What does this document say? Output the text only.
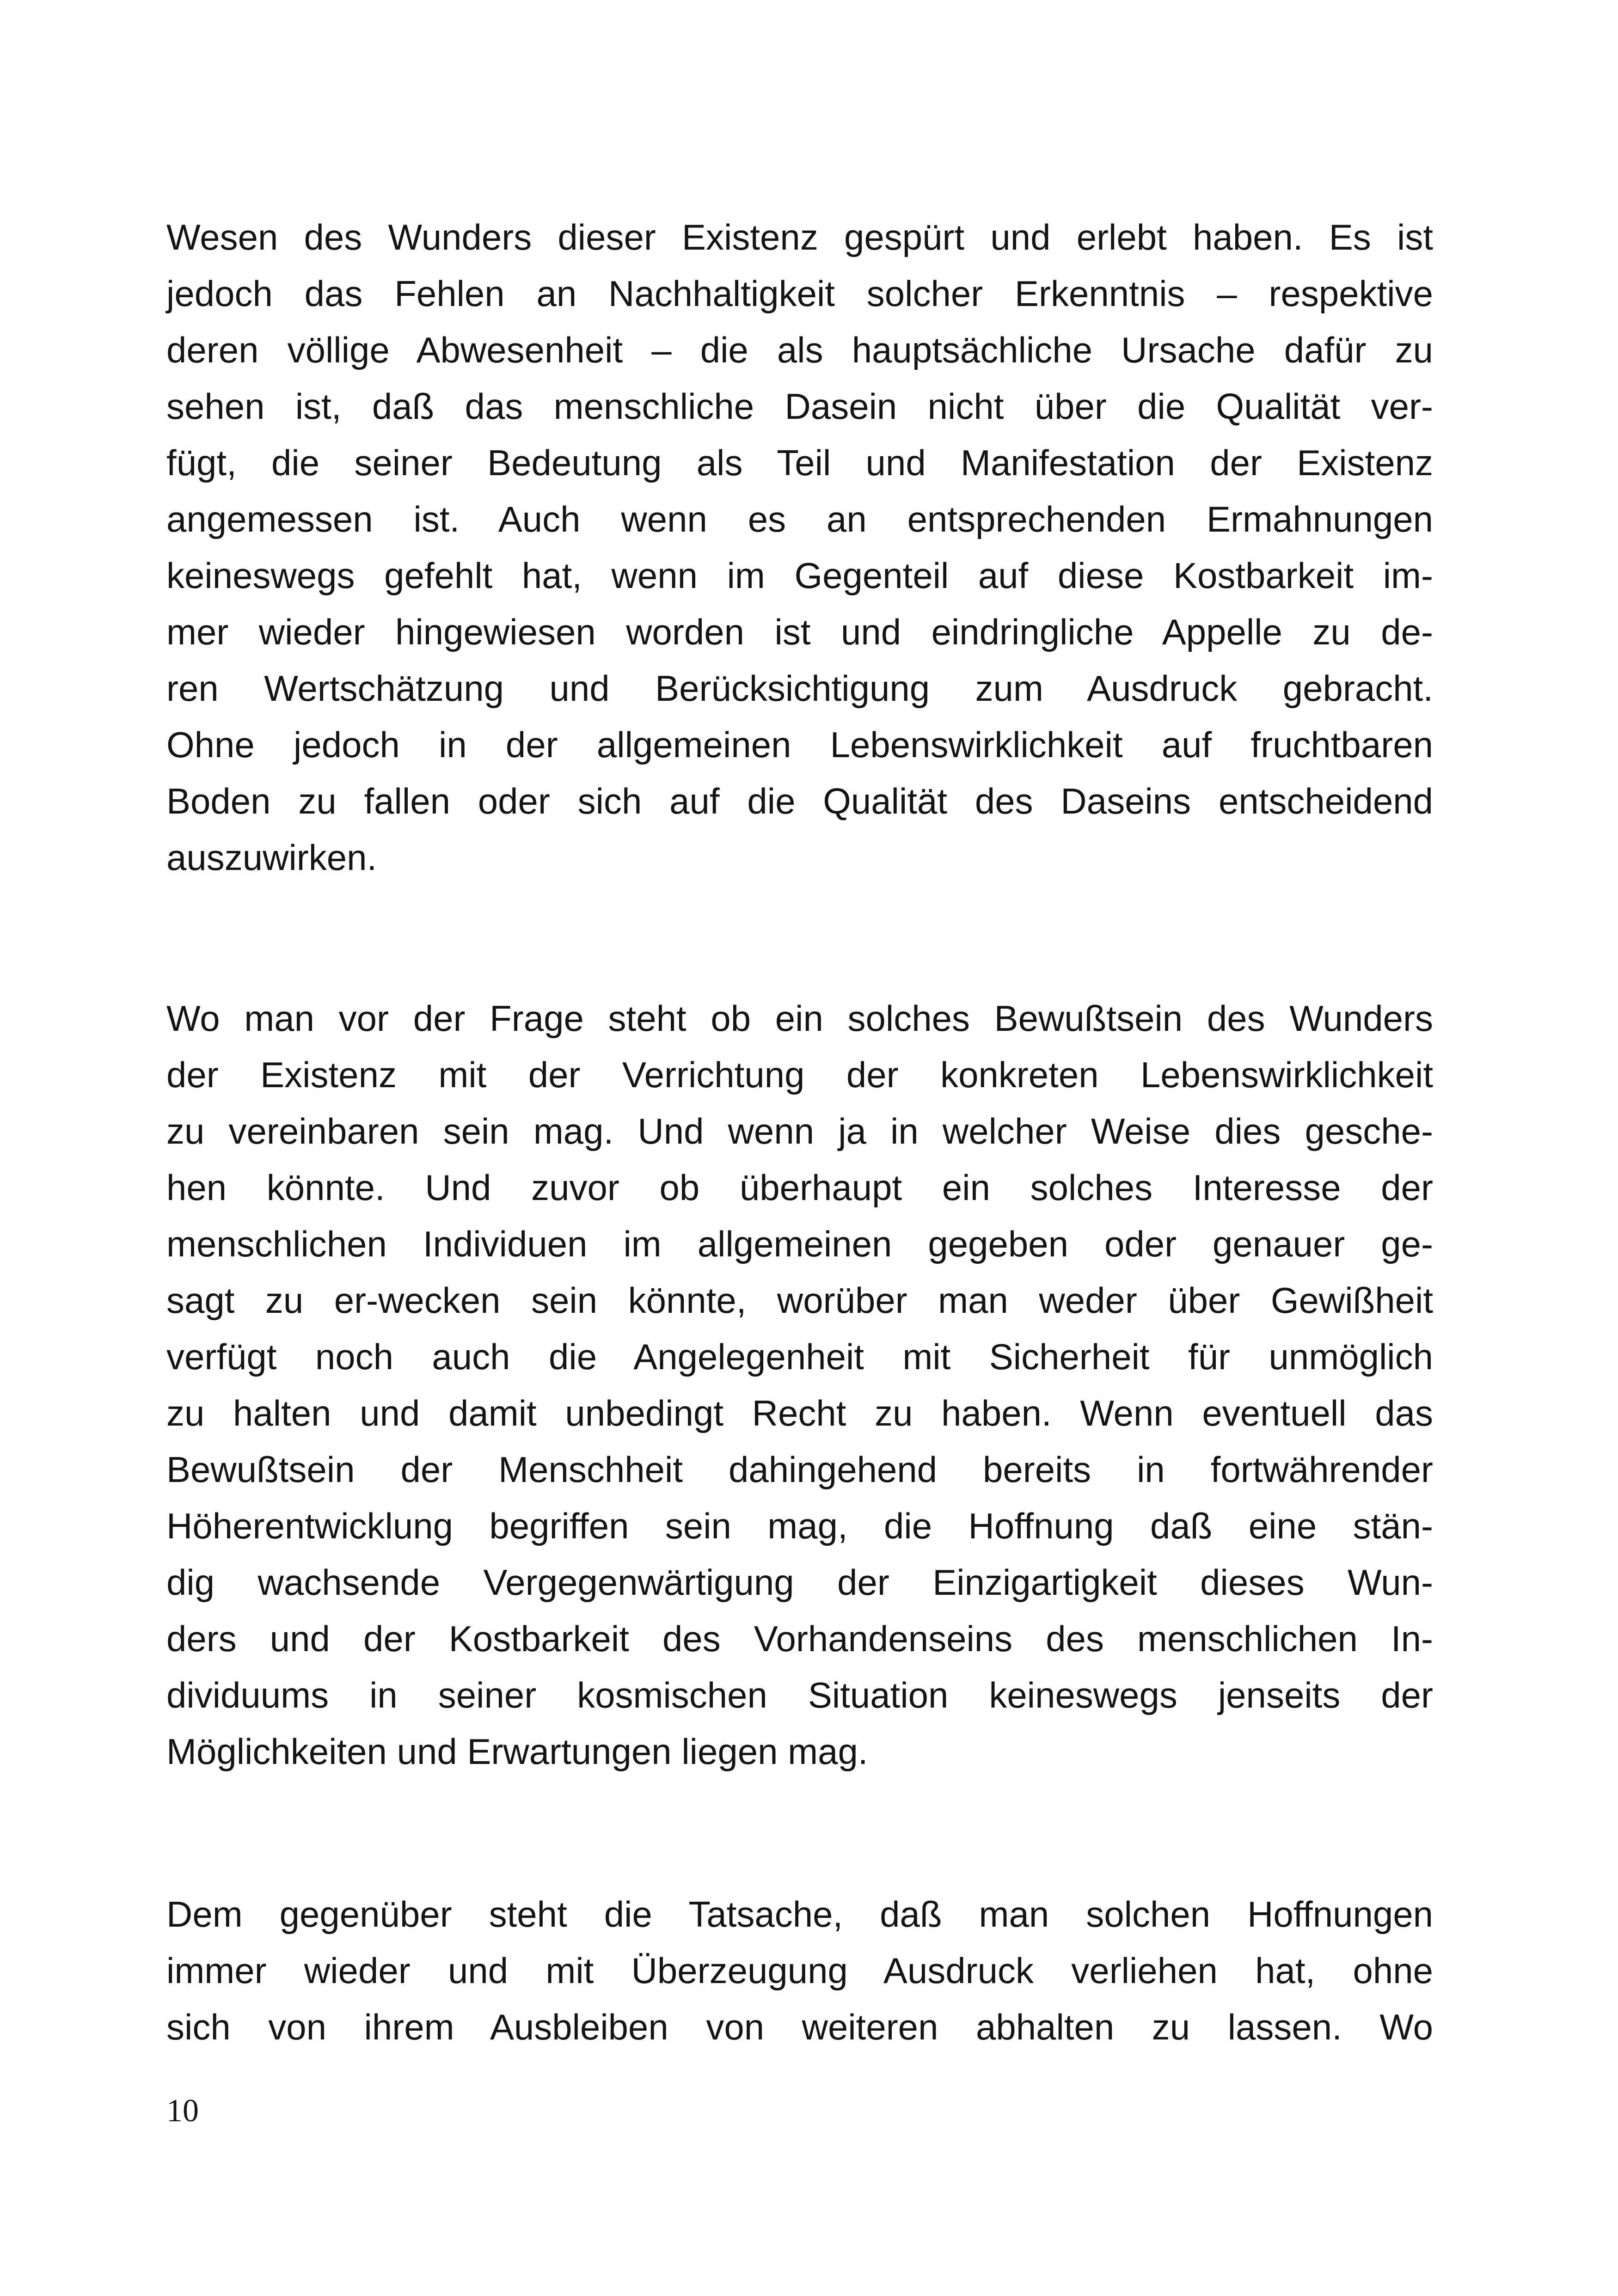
Wesen des Wunders dieser Existenz gespürt und erlebt haben. Es ist
jedoch das Fehlen an Nachhaltigkeit solcher Erkenntnis – respektive
deren völlige Abwesenheit – die als hauptsächliche Ursache dafür zu
sehen ist, daß das menschliche Dasein nicht über die Qualität ver-
fügt, die seiner Bedeutung als Teil und Manifestation der Existenz
angemessen ist. Auch wenn es an entsprechenden Ermahnungen
keineswegs gefehlt hat, wenn im Gegenteil auf diese Kostbarkeit im-
mer wieder hingewiesen worden ist und eindringliche Appelle zu de-
ren Wertschätzung und Berücksichtigung zum Ausdruck gebracht.
Ohne jedoch in der allgemeinen Lebenswirklichkeit auf fruchtbaren
Boden zu fallen oder sich auf die Qualität des Daseins entscheidend
auszuwirken.
Wo man vor der Frage steht ob ein solches Bewußtsein des Wunders
der Existenz mit der Verrichtung der konkreten Lebenswirklichkeit
zu vereinbaren sein mag. Und wenn ja in welcher Weise dies gesche-
hen könnte. Und zuvor ob überhaupt ein solches Interesse der
menschlichen Individuen im allgemeinen gegeben oder genauer ge-
sagt zu er-wecken sein könnte, worüber man weder über Gewißheit
verfügt noch auch die Angelegenheit mit Sicherheit für unmöglich
zu halten und damit unbedingt Recht zu haben. Wenn eventuell das
Bewußtsein der Menschheit dahingehend bereits in fortwährender
Höherentwicklung begriffen sein mag, die Hoffnung daß eine stän-
dig wachsende Vergegenwärtigung der Einzigartigkeit dieses Wun-
ders und der Kostbarkeit des Vorhandenseins des menschlichen In-
dividuums in seiner kosmischen Situation keineswegs jenseits der
Möglichkeiten und Erwartungen liegen mag.
Dem gegenüber steht die Tatsache, daß man solchen Hoffnungen
immer wieder und mit Überzeugung Ausdruck verliehen hat, ohne
sich von ihrem Ausbleiben von weiteren abhalten zu lassen. Wo
10
